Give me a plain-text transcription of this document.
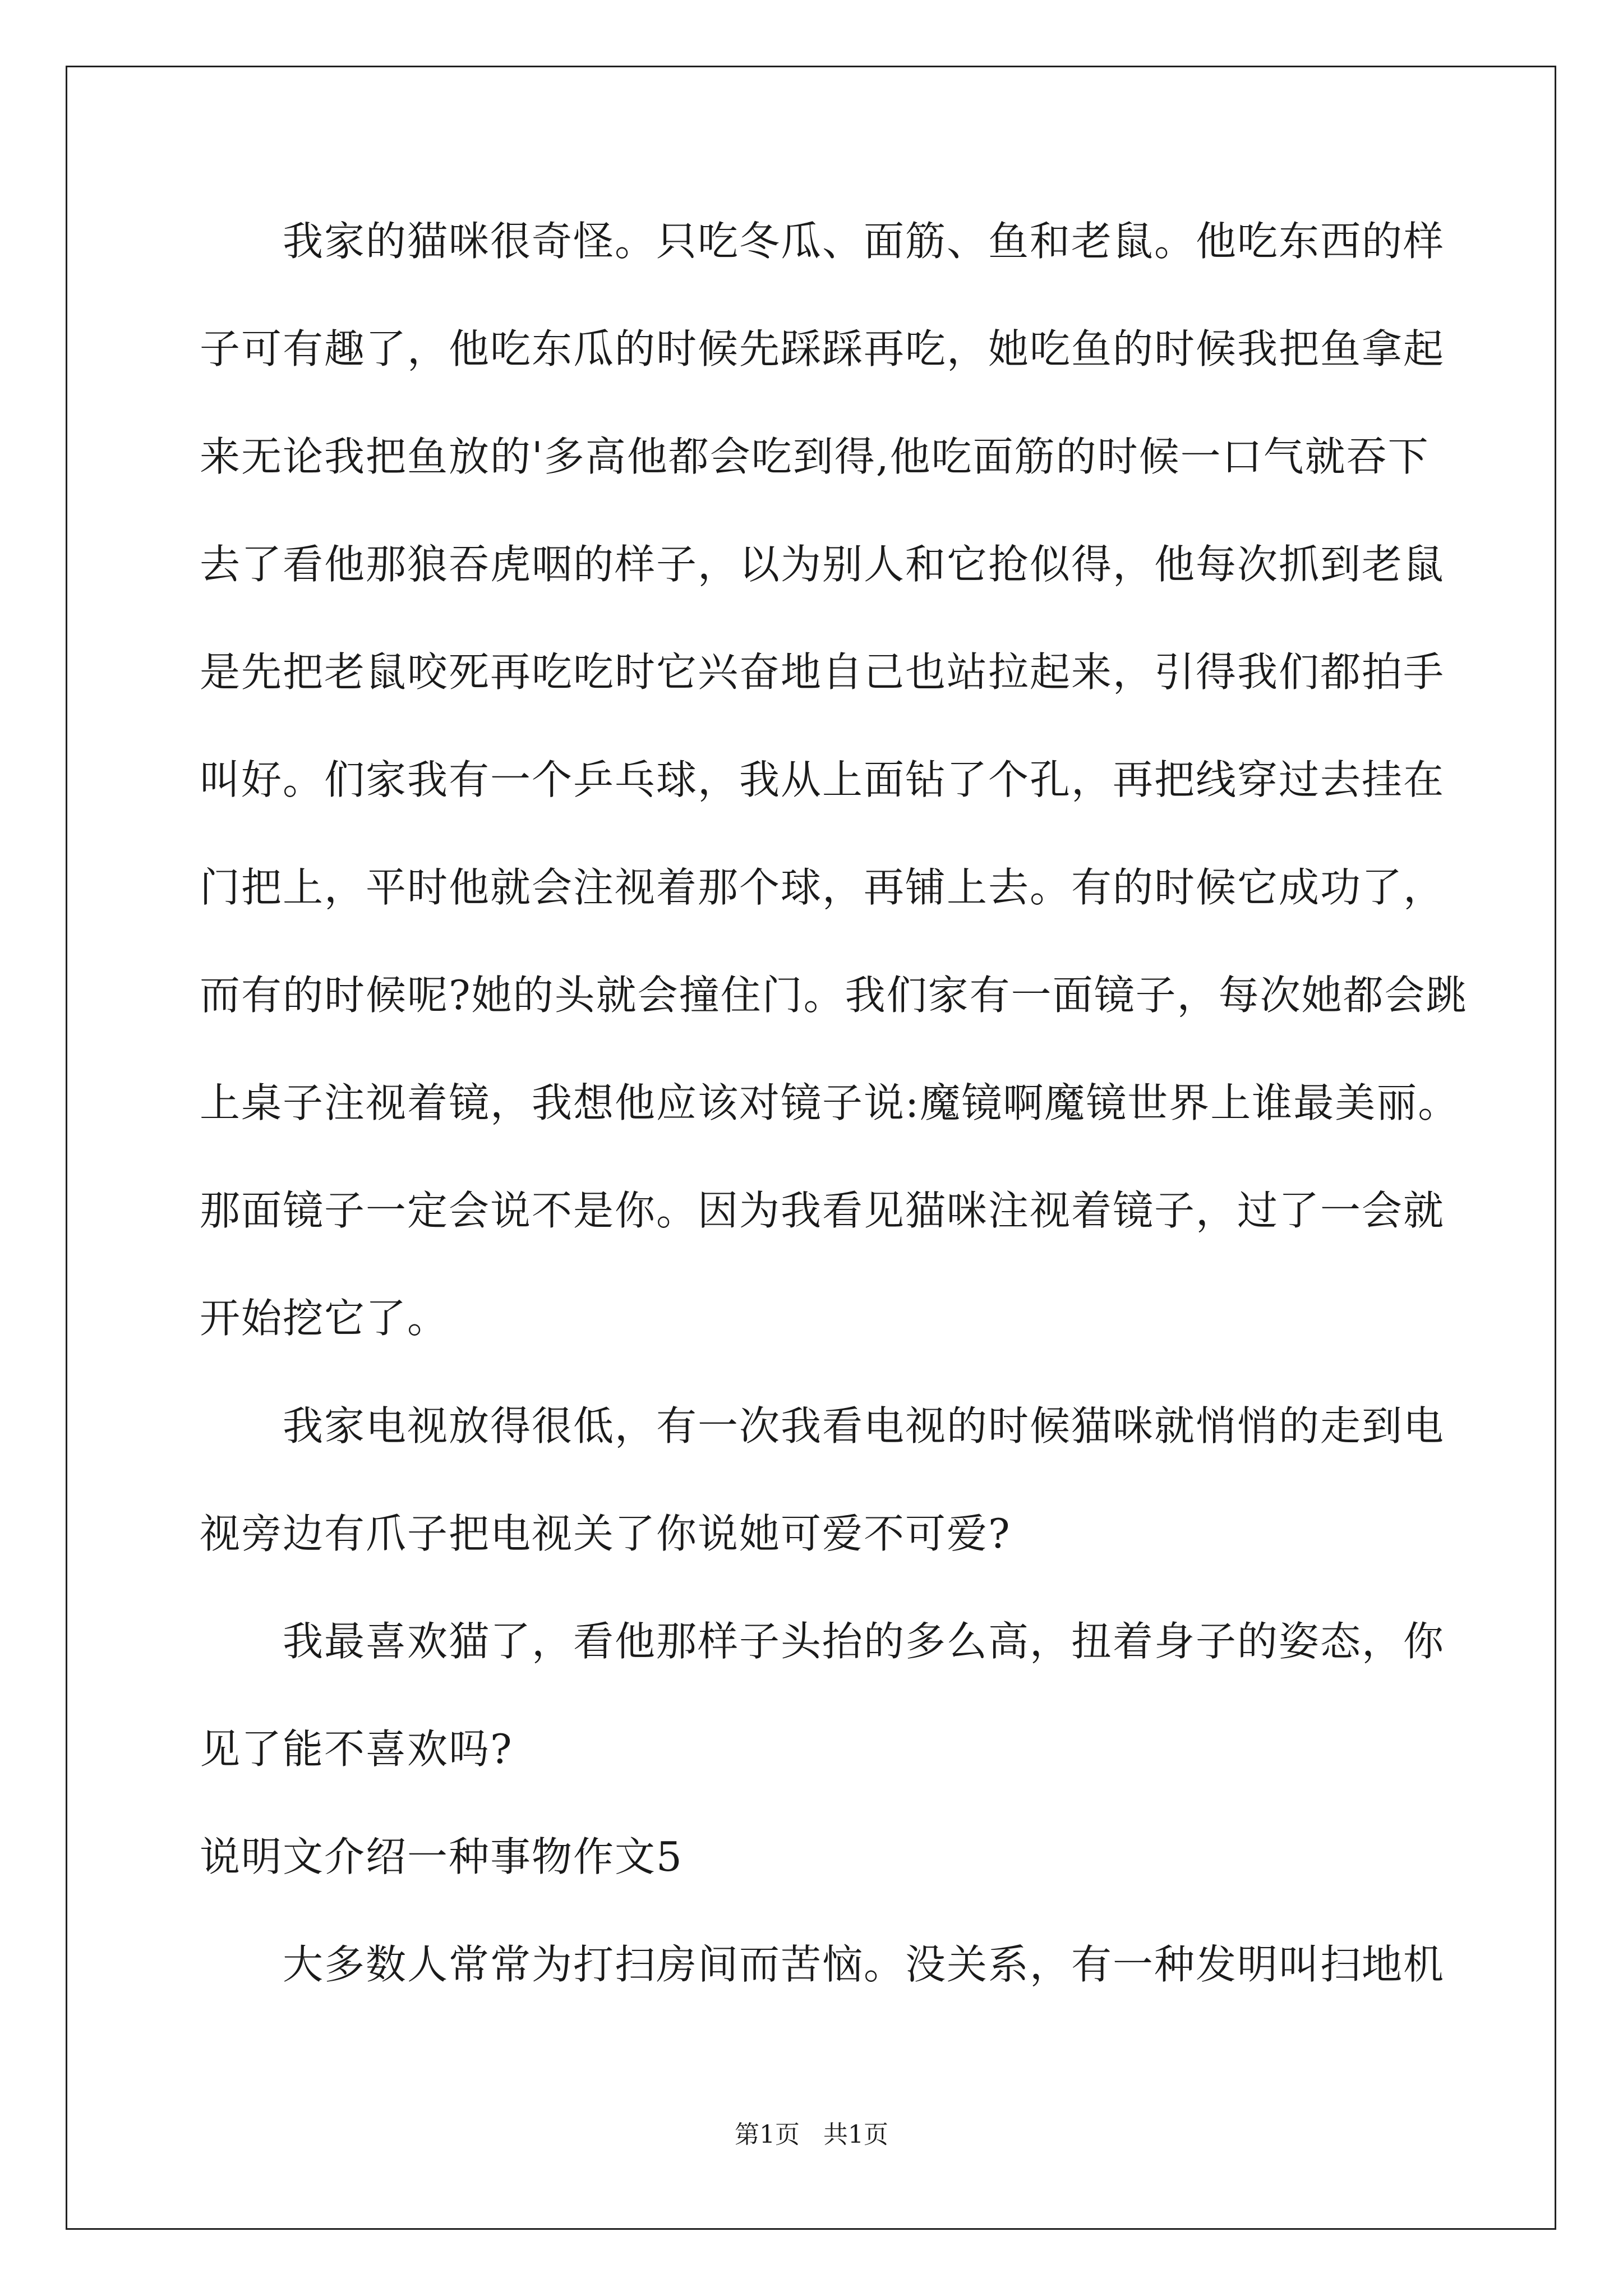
我家的猫咪很奇怪。只吃冬瓜、面筋、鱼和老鼠。他吃东西的样
子可有趣了，他吃东瓜的时候先踩踩再吃，她吃鱼的时候我把鱼拿起
来无论我把鱼放的'多高他都会吃到得,他吃面筋的时候一口气就吞下
去了看他那狼吞虎咽的样子，以为别人和它抢似得，他每次抓到老鼠
是先把老鼠咬死再吃吃时它兴奋地自己也站拉起来，引得我们都拍手
叫好。们家我有一个乒乓球，我从上面钻了个孔，再把线穿过去挂在
门把上，平时他就会注视着那个球，再铺上去。有的时候它成功了，
而有的时候呢?她的头就会撞住门。我们家有一面镜子，每次她都会跳
上桌子注视着镜，我想他应该对镜子说:魔镜啊魔镜世界上谁最美丽。
那面镜子一定会说不是你。因为我看见猫咪注视着镜子，过了一会就
开始挖它了。
我家电视放得很低，有一次我看电视的时候猫咪就悄悄的走到电
视旁边有爪子把电视关了你说她可爱不可爱?
我最喜欢猫了，看他那样子头抬的多么高，扭着身子的姿态，你
见了能不喜欢吗?
说明文介绍一种事物作文5
大多数人常常为打扫房间而苦恼。没关系，有一种发明叫扫地机
第1页   共1页
